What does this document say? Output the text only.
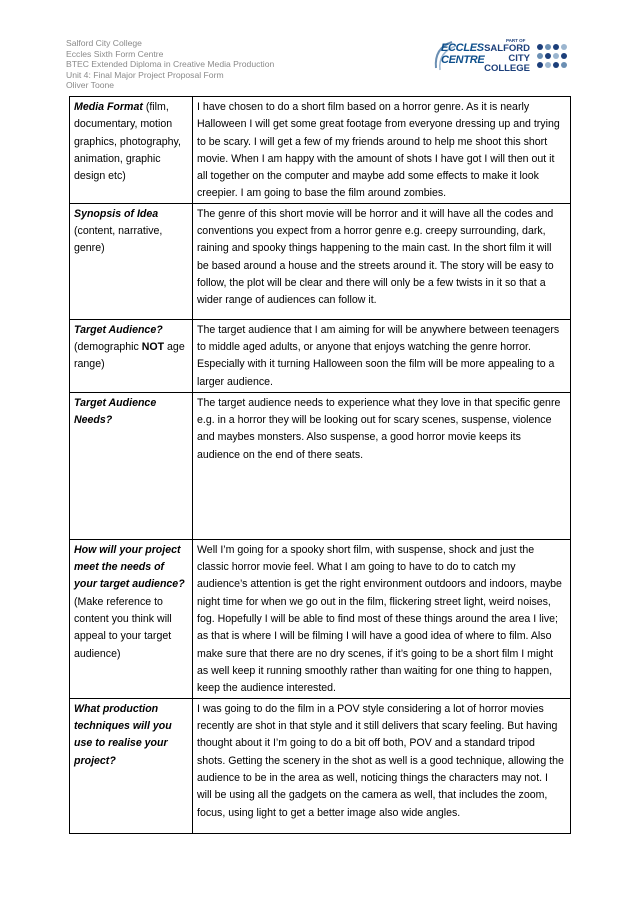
Salford City College
Eccles Sixth Form Centre
BTEC Extended Diploma in Creative Media Production
Unit 4: Final Major Project Proposal Form
Oliver Toone
ECCLES
CENTRE
PART OF
SALFORD
CITY
COLLEGE
Media Format (film, documentary, motion graphics, photography, animation, graphic design etc)	I have chosen to do a short film based on a horror genre. As it is nearly Halloween I will get some great footage from everyone dressing up and trying to be scary. I will get a few of my friends around to help me shoot this short movie. When I am happy with the amount of shots I have got I will then out it all together on the computer and maybe add some effects to make it look creepier. I am going to base the film around zombies.
Synopsis of Idea (content, narrative, genre)	The genre of this short movie will be horror and it will have all the codes and conventions you expect from a horror genre e.g. creepy surrounding, dark, raining and spooky things happening to the main cast. In the short film it will be based around a house and the streets around it. The story will be easy to follow, the plot will be clear and there will only be a few twists in it so that a wider range of audiences can follow it.
Target Audience? (demographic NOT age range)	The target audience that I am aiming for will be anywhere between teenagers to middle aged adults, or anyone that enjoys watching the genre horror. Especially with it turning Halloween soon the film will be more appealing to a larger audience.
Target Audience Needs?	The target audience needs to experience what they love in that specific genre e.g. in a horror they will be looking out for scary scenes, suspense, violence and maybes monsters. Also suspense, a good horror movie keeps its audience on the end of there seats.
How will your project meet the needs of your target audience? (Make reference to content you think will appeal to your target audience)	Well I’m going for a spooky short film, with suspense, shock and just the classic horror movie feel. What I am going to have to do to catch my audience’s attention is get the right environment outdoors and indoors, maybe night time for when we go out in the film, flickering street light, weird noises, fog. Hopefully I will be able to find most of these things around the area I live; as that is where I will be filming I will have a good idea of where to film. Also make sure that there are no dry scenes, if it’s going to be a short film I might as well keep it running smoothly rather than waiting for one thing to happen, keep the audience interested.
What production techniques will you use to realise your project?	I was going to do the film in a POV style considering a lot of horror movies recently are shot in that style and it still delivers that scary feeling. But having thought about it I’m going to do a bit off both, POV and a standard tripod shots. Getting the scenery in the shot as well is a good technique, allowing the audience to be in the area as well, noticing things the characters may not. I will be using all the gadgets on the camera as well, that includes the zoom, focus, using light to get a better image also wide angles.
